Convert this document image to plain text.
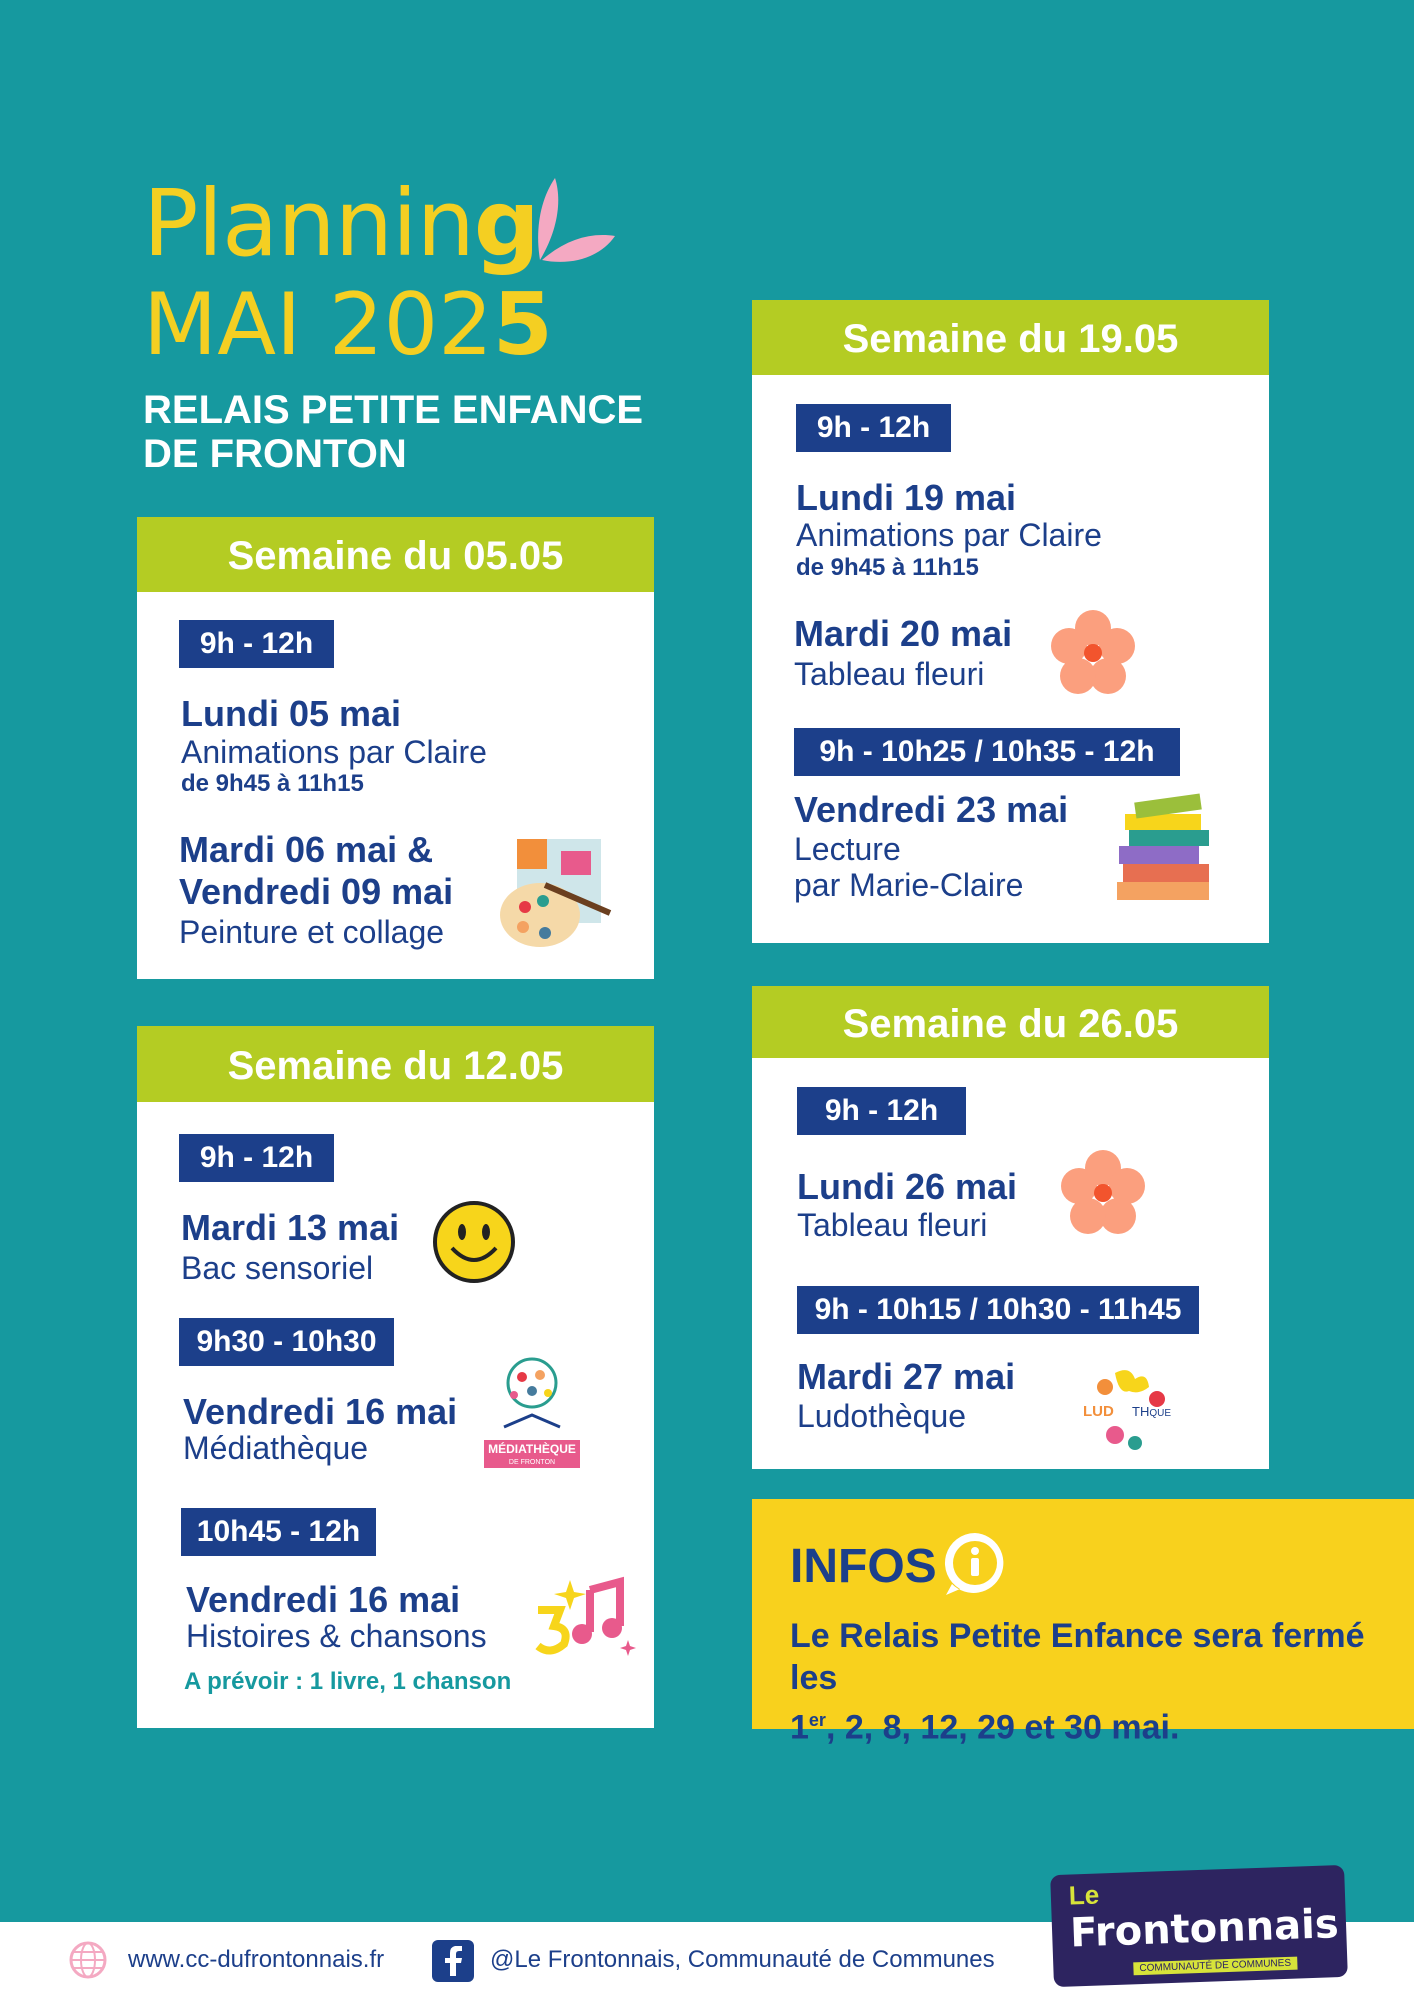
Planning
MAI 2025
RELAIS PETITE ENFANCE
DE FRONTON
Semaine du 05.05
9h - 12h
Lundi 05 mai
Animations par Claire
de 9h45 à 11h15
Mardi 06 mai &
Vendredi 09 mai
Peinture et collage
Semaine du 12.05
9h - 12h
Mardi 13 mai
Bac sensoriel
9h30 - 10h30
Vendredi 16 mai
Médiathèque	MÉDIATHÈQUE
DE FRONTON
10h45 - 12h
Vendredi 16 mai
Histoires & chansons
A prévoir : 1 livre, 1 chanson
Semaine du 19.05
9h - 12h
Lundi 19 mai
Animations par Claire
de 9h45 à 11h15
Mardi 20 mai
Tableau fleuri
9h - 10h25 / 10h35 - 12h
Vendredi 23 mai
Lecture
par Marie-Claire
Semaine du 26.05
9h - 12h
Lundi 26 mai
Tableau fleuri
9h - 10h15 / 10h30 - 11h45
Mardi 27 mai
Ludothèque	LUD THQUE
INFOS
Le Relais Petite Enfance sera fermé les
1er, 2, 8, 12, 29 et 30 mai.
www.cc-dufrontonnais.fr	@Le Frontonnais, Communauté de Communes
Le
Frontonnais
COMMUNAUTÉ DE COMMUNES
